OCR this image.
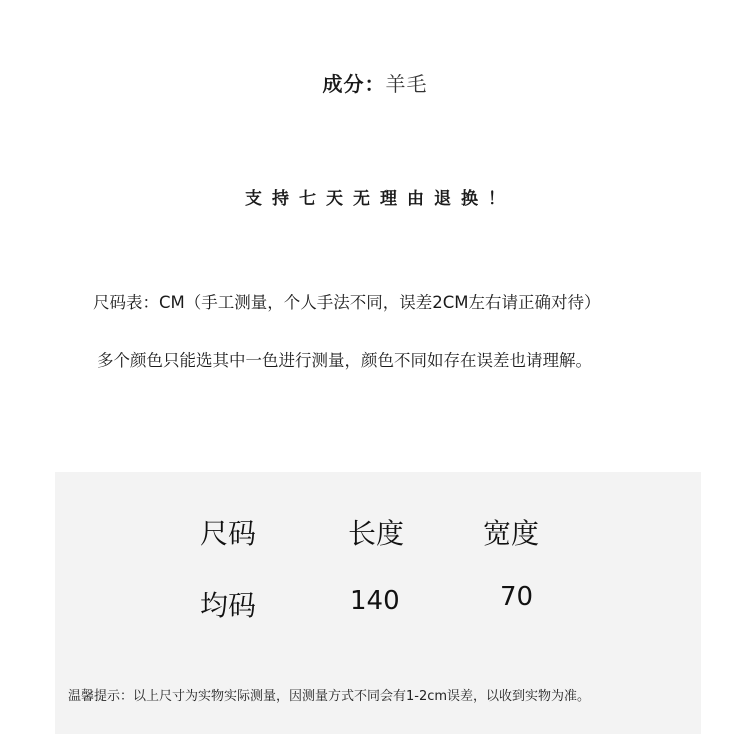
成分：羊毛
支持七天无理由退换！
尺码表：CM（手工测量，个人手法不同，误差2CM左右请正确对待）
多个颜色只能选其中一色进行测量，颜色不同如存在误差也请理解。
尺码	长度	宽度
均码	140	70
温馨提示：以上尺寸为实物实际测量，因测量方式不同会有1-2cm误差，以收到实物为准。
